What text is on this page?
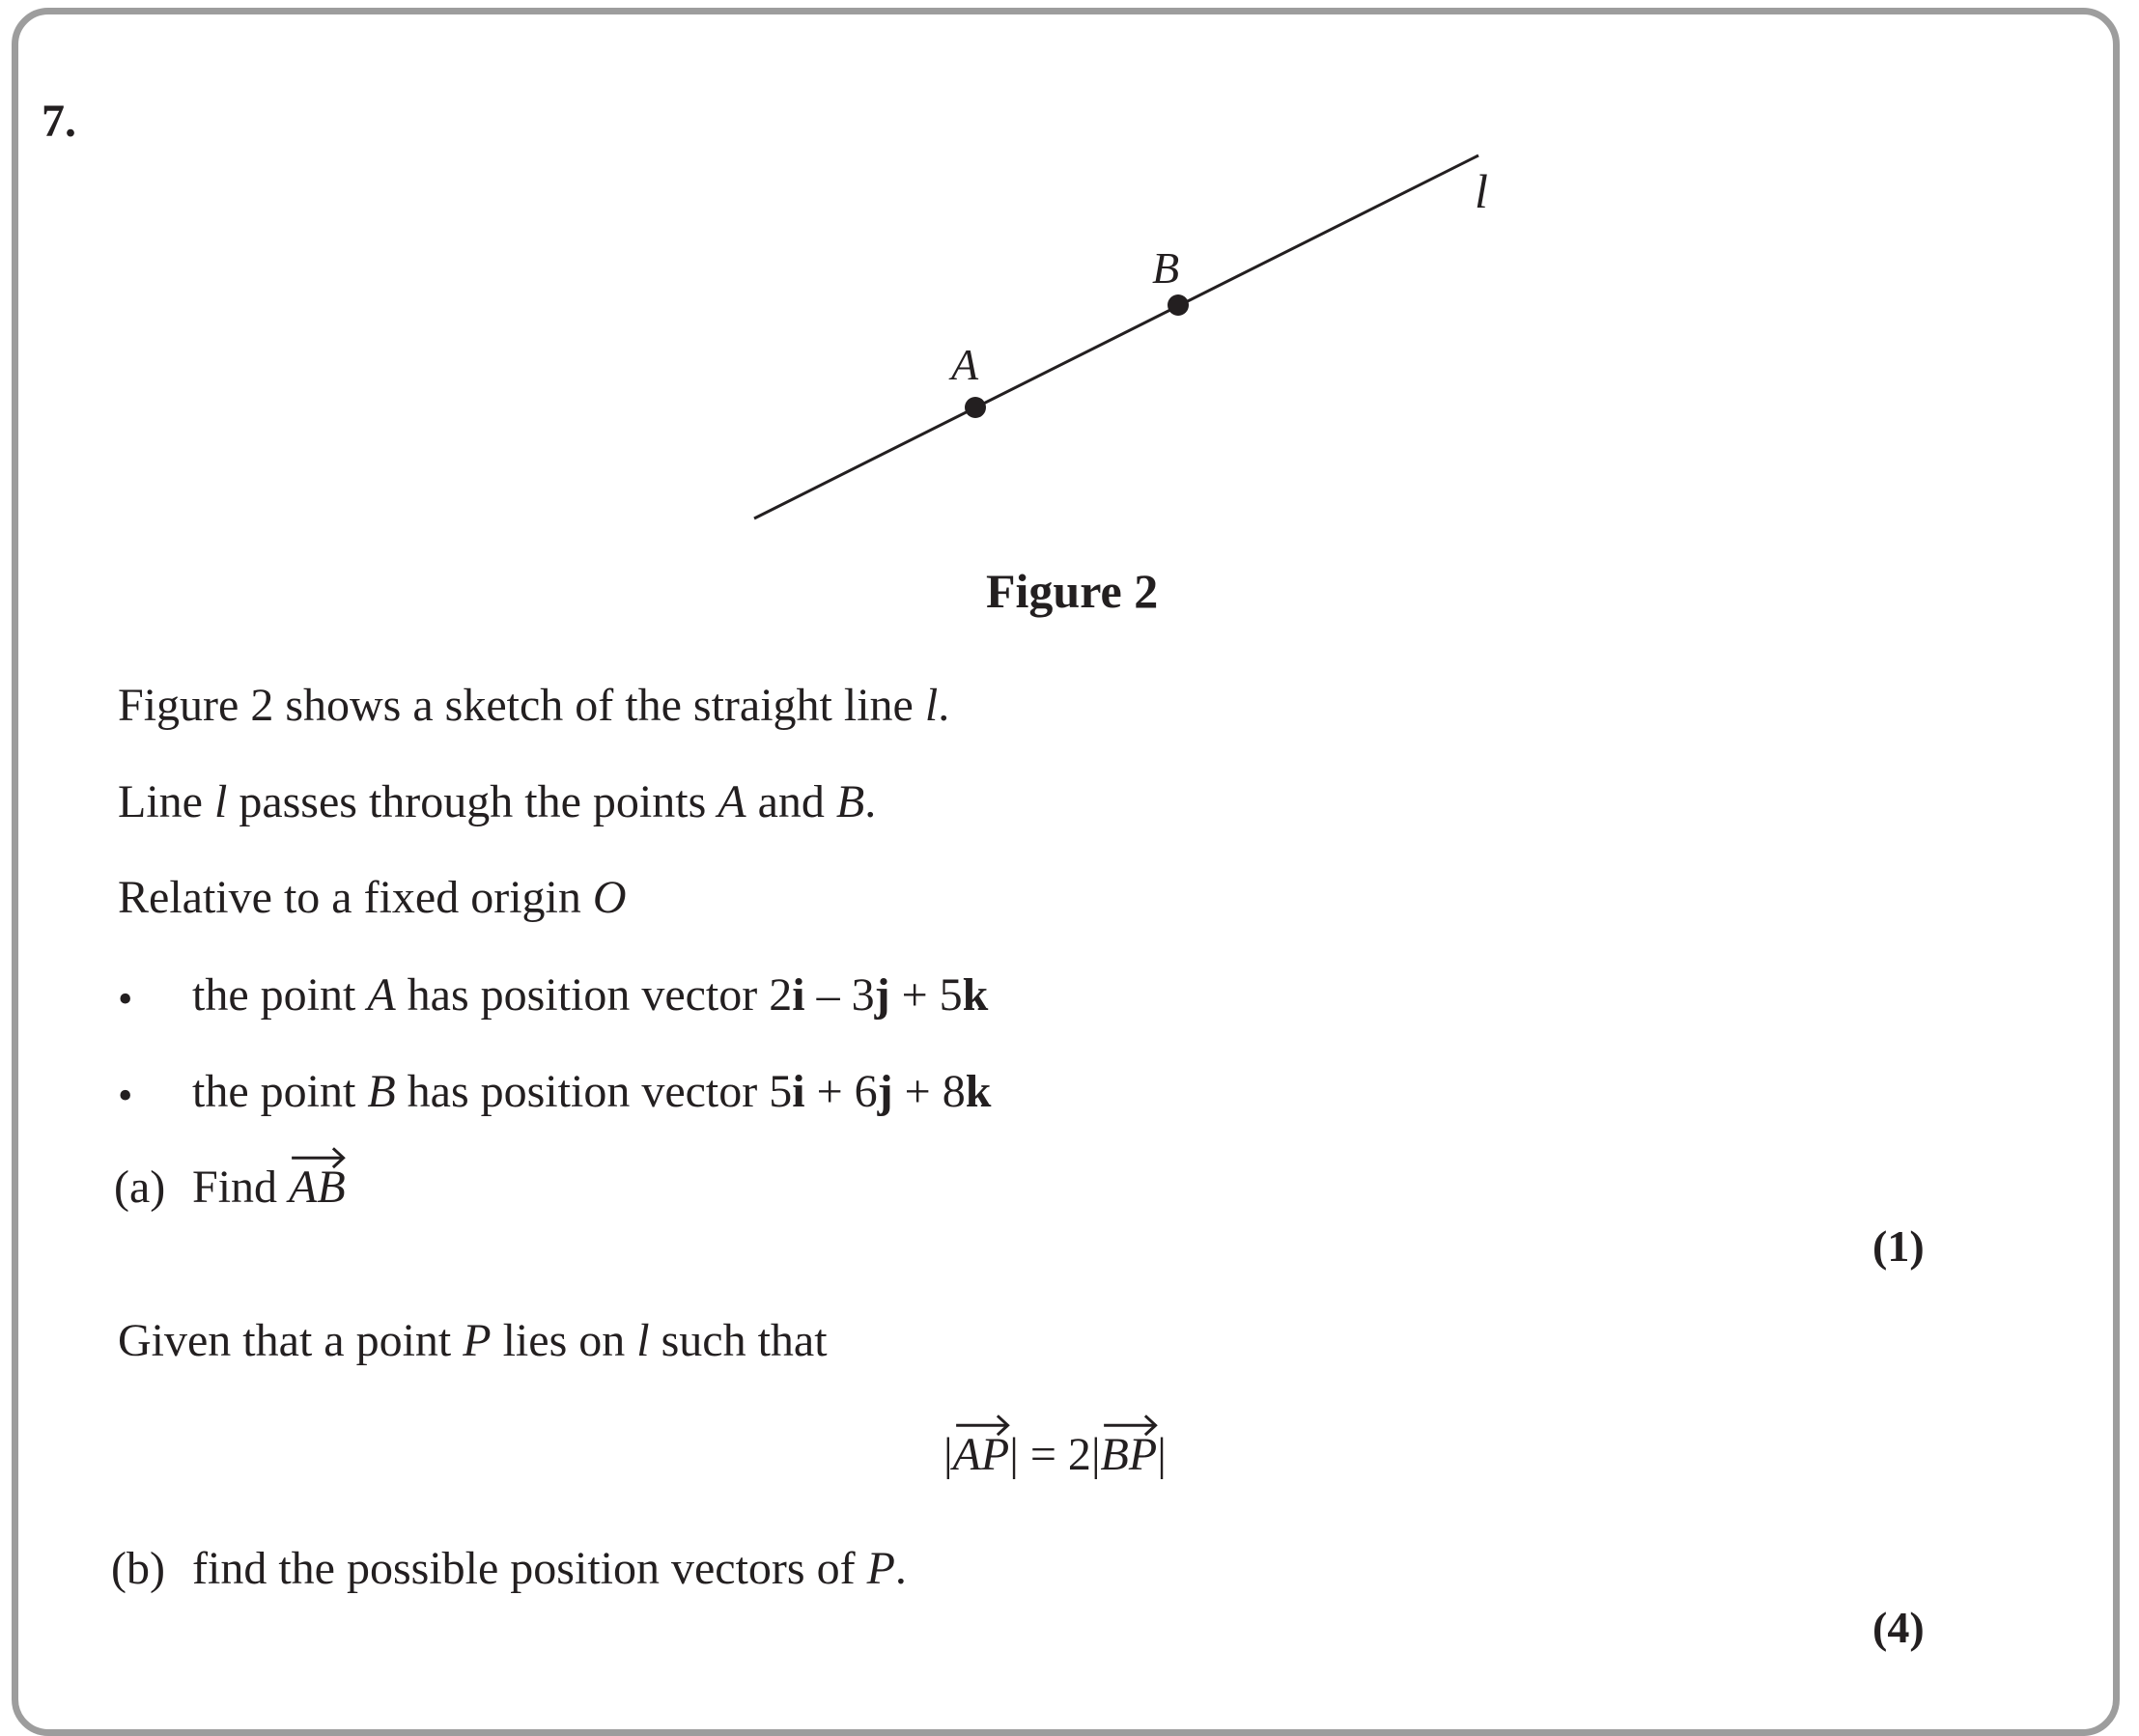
7.
A
B
l
Figure 2
Figure 2 shows a sketch of the straight line l.
Line l passes through the points A and B.
Relative to a fixed origin O
• the point A has position vector 2i – 3j + 5k
• the point B has position vector 5i + 6j + 8k
(a) Find
AB
(1)
Given that a point P lies on l such that
|
AP| = 2|
BP|
(b) find the possible position vectors of P.
(4)
